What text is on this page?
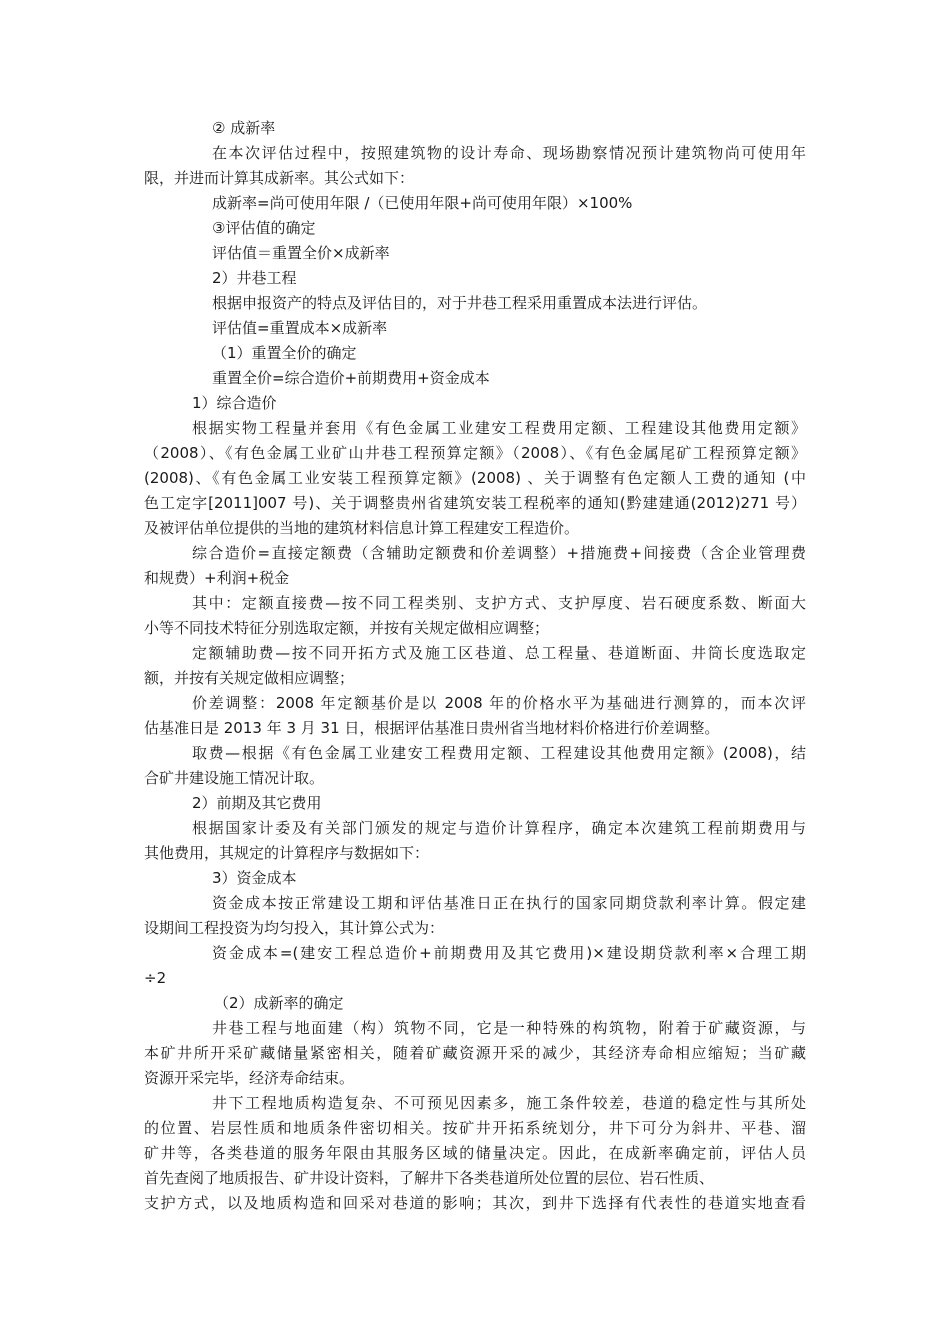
② 成新率
在本次评估过程中，按照建筑物的设计寿命、现场勘察情况预计建筑物尚可使用年
限，并进而计算其成新率。其公式如下：
成新率=尚可使用年限 /（已使用年限+尚可使用年限）×100%
③评估值的确定
评估值＝重置全价×成新率
2）井巷工程
根据申报资产的特点及评估目的，对于井巷工程采用重置成本法进行评估。
评估值=重置成本×成新率
（1）重置全价的确定
重置全价=综合造价+前期费用+资金成本
1）综合造价
根据实物工程量并套用《有色金属工业建安工程费用定额、工程建设其他费用定额》
（2008）、《有色金属工业矿山井巷工程预算定额》（2008）、《有色金属尾矿工程预算定额》
(2008)、《有色金属工业安装工程预算定额》(2008) 、关于调整有色定额人工费的通知 (中
色工定字[2011]007 号)、关于调整贵州省建筑安装工程税率的通知(黔建建通(2012)271 号）
及被评估单位提供的当地的建筑材料信息计算工程建安工程造价。
综合造价=直接定额费（含辅助定额费和价差调整）+措施费+间接费（含企业管理费
和规费）+利润+税金
其中：定额直接费—按不同工程类别、支护方式、支护厚度、岩石硬度系数、断面大
小等不同技术特征分别选取定额，并按有关规定做相应调整；
定额辅助费—按不同开拓方式及施工区巷道、总工程量、巷道断面、井筒长度选取定
额，并按有关规定做相应调整；
价差调整：2008 年定额基价是以 2008 年的价格水平为基础进行测算的，而本次评
估基准日是 2013 年 3 月 31 日，根据评估基准日贵州省当地材料价格进行价差调整。
取费—根据《有色金属工业建安工程费用定额、工程建设其他费用定额》(2008)，结
合矿井建设施工情况计取。
2）前期及其它费用
根据国家计委及有关部门颁发的规定与造价计算程序，确定本次建筑工程前期费用与
其他费用，其规定的计算程序与数据如下：
3）资金成本
资金成本按正常建设工期和评估基准日正在执行的国家同期贷款利率计算。假定建
设期间工程投资为均匀投入，其计算公式为：
资金成本=(建安工程总造价+前期费用及其它费用)×建设期贷款利率×合理工期
÷2
（2）成新率的确定
井巷工程与地面建（构）筑物不同，它是一种特殊的构筑物，附着于矿藏资源，与
本矿井所开采矿藏储量紧密相关，随着矿藏资源开采的减少，其经济寿命相应缩短；当矿藏
资源开采完毕，经济寿命结束。
井下工程地质构造复杂、不可预见因素多，施工条件较差，巷道的稳定性与其所处
的位置、岩层性质和地质条件密切相关。按矿井开拓系统划分，井下可分为斜井、平巷、溜
矿井等，各类巷道的服务年限由其服务区域的储量决定。因此，在成新率确定前，评估人员
首先查阅了地质报告、矿井设计资料，了解井下各类巷道所处位置的层位、岩石性质、
支护方式，以及地质构造和回采对巷道的影响；其次，到井下选择有代表性的巷道实地查看
